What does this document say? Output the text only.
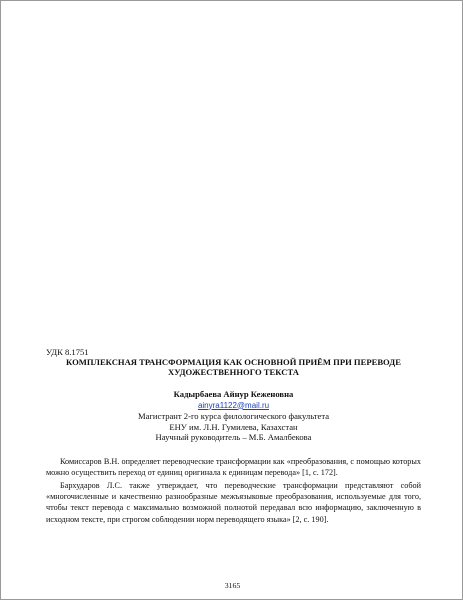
УДК 8.1751
КОМПЛЕКСНАЯ ТРАНСФОРМАЦИЯ КАК ОСНОВНОЙ ПРИЁМ ПРИ ПЕРЕВОДЕ ХУДОЖЕСТВЕННОГО ТЕКСТА
Кадырбаева Айнур Кеженовна
ainyra1122@mail.ru
Магистрант 2-го курса филологического факультета
ЕНУ им. Л.Н. Гумилева, Казахстан
Научный руководитель – М.Б. Амалбекова

Комиссаров В.Н. определяет переводческие трансформации как «преобразования, с помощью которых можно осуществить переход от единиц оригинала к единицам перевода» [1, с. 172].

Бархударов Л.С. также утверждает, что переводческие трансформации представляют собой «многочисленные и качественно разнообразные межъязыковые преобразования, используемые для того, чтобы текст перевода с максимально возможной полнотой передавал всю информацию, заключенную в исходном тексте, при строгом соблюдении норм переводящего языка» [2, с. 190].

3165
